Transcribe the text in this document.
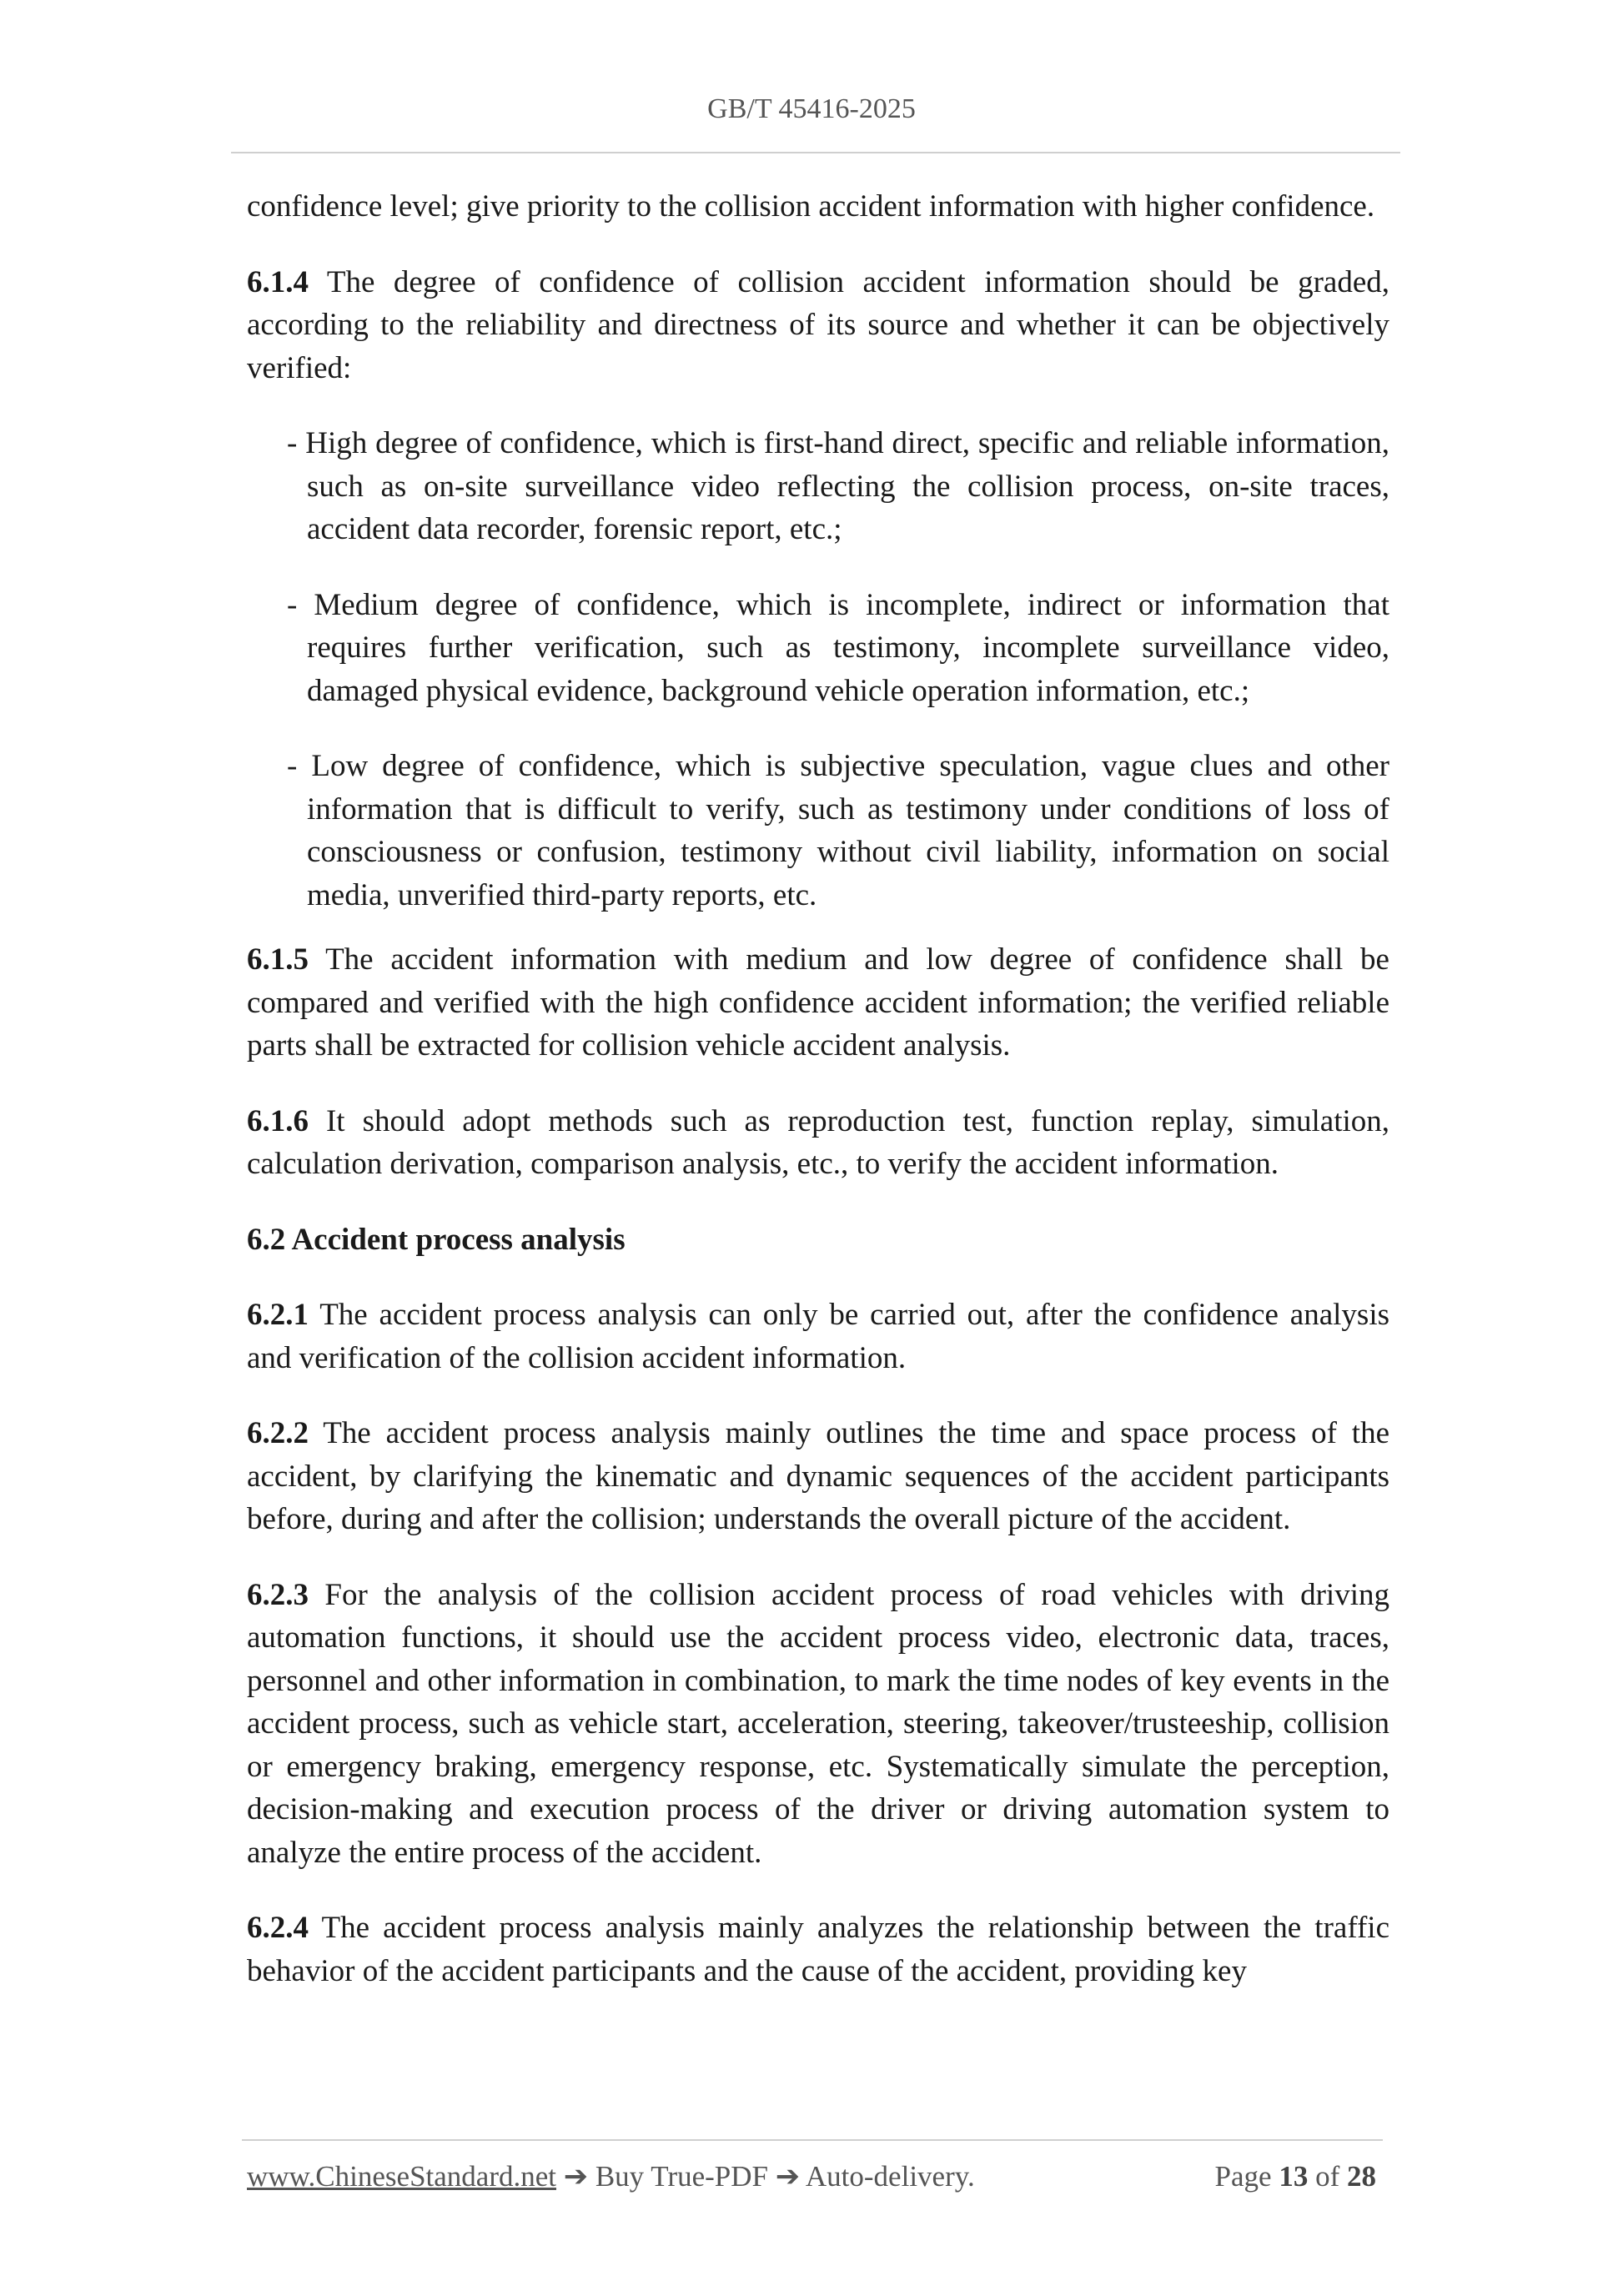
GB/T 45416-2025

confidence level; give priority to the collision accident information with higher confidence.

6.1.4 The degree of confidence of collision accident information should be graded, according to the reliability and directness of its source and whether it can be objectively verified:

- High degree of confidence, which is first-hand direct, specific and reliable information, such as on-site surveillance video reflecting the collision process, on-site traces, accident data recorder, forensic report, etc.;

- Medium degree of confidence, which is incomplete, indirect or information that requires further verification, such as testimony, incomplete surveillance video, damaged physical evidence, background vehicle operation information, etc.;

- Low degree of confidence, which is subjective speculation, vague clues and other information that is difficult to verify, such as testimony under conditions of loss of consciousness or confusion, testimony without civil liability, information on social media, unverified third-party reports, etc.

6.1.5 The accident information with medium and low degree of confidence shall be compared and verified with the high confidence accident information; the verified reliable parts shall be extracted for collision vehicle accident analysis.

6.1.6 It should adopt methods such as reproduction test, function replay, simulation, calculation derivation, comparison analysis, etc., to verify the accident information.

6.2 Accident process analysis

6.2.1 The accident process analysis can only be carried out, after the confidence analysis and verification of the collision accident information.

6.2.2 The accident process analysis mainly outlines the time and space process of the accident, by clarifying the kinematic and dynamic sequences of the accident participants before, during and after the collision; understands the overall picture of the accident.

6.2.3 For the analysis of the collision accident process of road vehicles with driving automation functions, it should use the accident process video, electronic data, traces, personnel and other information in combination, to mark the time nodes of key events in the accident process, such as vehicle start, acceleration, steering, takeover/trusteeship, collision or emergency braking, emergency response, etc. Systematically simulate the perception, decision-making and execution process of the driver or driving automation system to analyze the entire process of the accident.

6.2.4 The accident process analysis mainly analyzes the relationship between the traffic behavior of the accident participants and the cause of the accident, providing key

www.ChineseStandard.net ➔ Buy True-PDF ➔ Auto-delivery.	Page 13 of 28
